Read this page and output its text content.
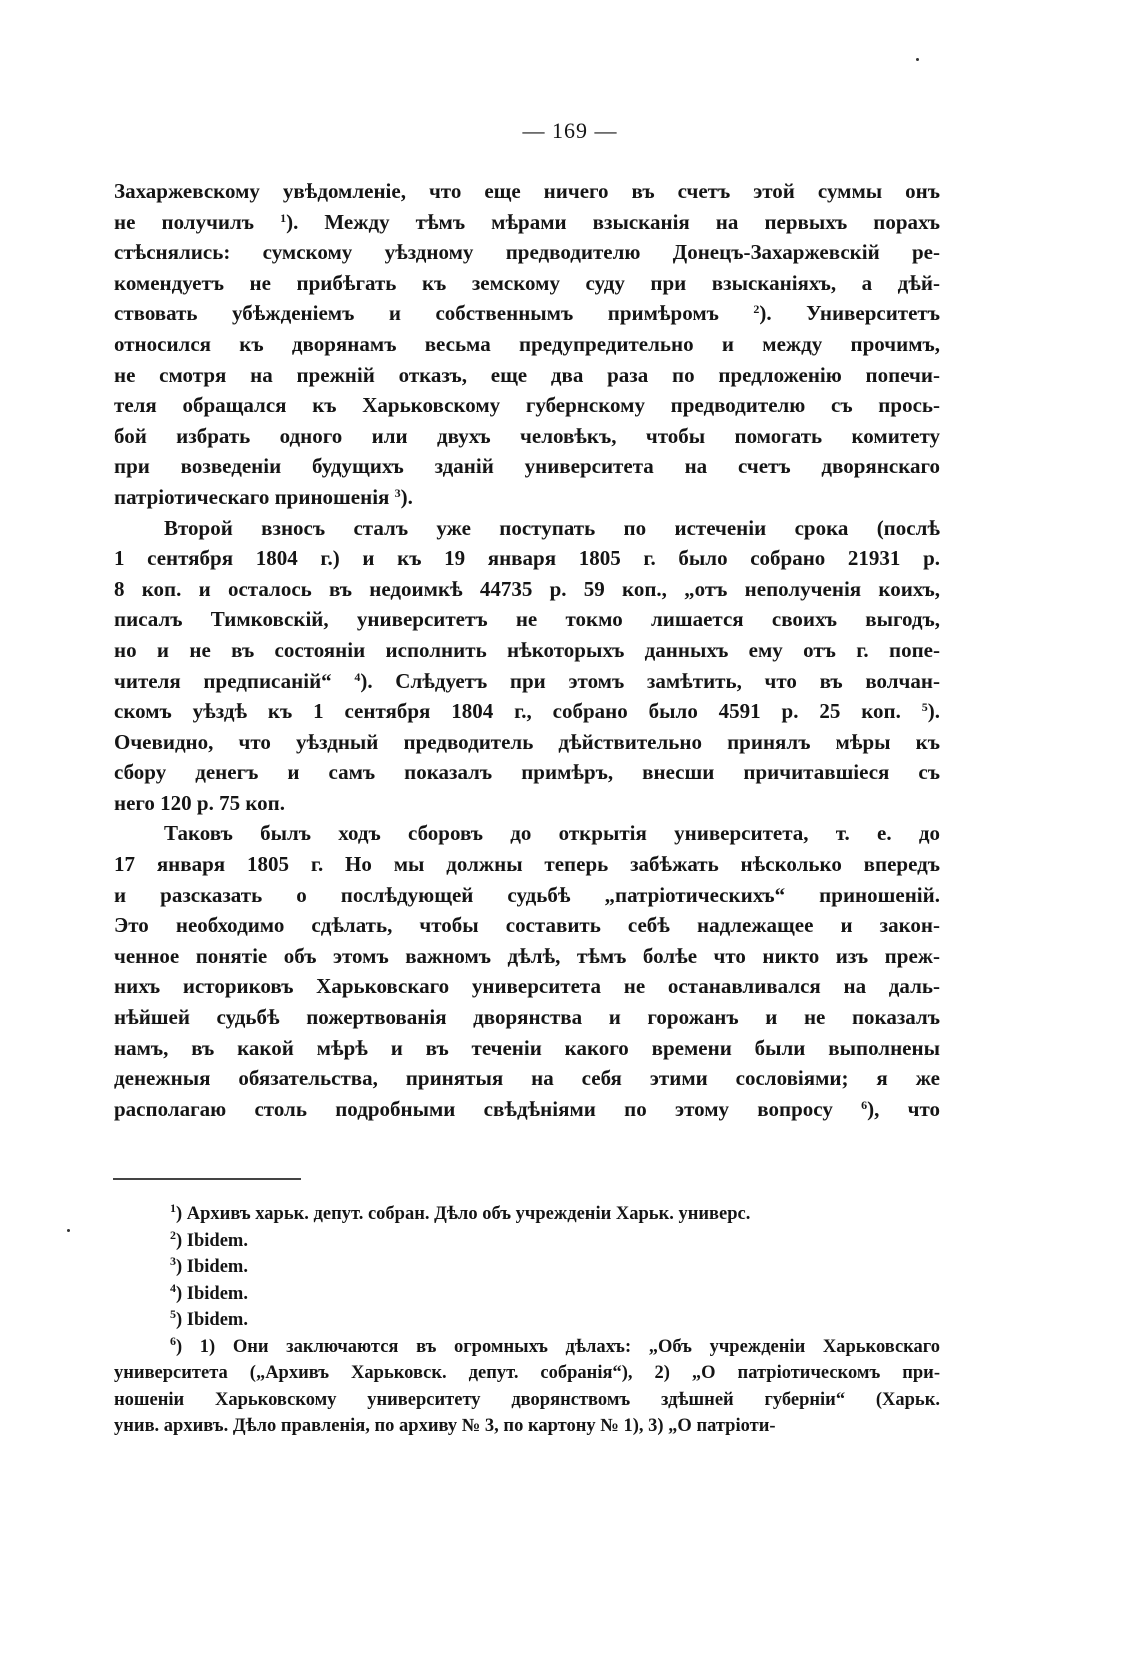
— 169 —
Захаржевскому увѣдомленіе, что еще ничего въ счетъ этой суммы онъ
не получилъ $^1$). Между тѣмъ мѣрами взысканія на первыхъ порахъ
стѣснялись: сумскому уѣздному предводителю Донецъ-Захаржевскій ре-
комендуетъ не прибѣгать къ земскому суду при взысканіяхъ, а дѣй-
ствовать убѣжденіемъ и собственнымъ примѣромъ $^2$). Университетъ
относился къ дворянамъ весьма предупредительно и между прочимъ,
не смотря на прежній отказъ, еще два раза по предложенію попечи-
теля обращался къ Харьковскому губернскому предводителю съ прось-
бой избрать одного или двухъ человѣкъ, чтобы помогать комитету
при возведеніи будущихъ зданій университета на счетъ дворянскаго
патріотическаго приношенія $^3$).
Второй взносъ сталъ уже поступать по истеченіи срока (послѣ
1 сентября 1804 г.) и къ 19 января 1805 г. было собрано 21931 р.
8 коп. и осталось въ недоимкѣ 44735 р. 59 коп., „отъ неполученія коихъ,
писалъ Тимковскій, университетъ не токмо лишается своихъ выгодъ,
но и не въ состояніи исполнить нѣкоторыхъ данныхъ ему отъ г. попе-
чителя предписаній“ $^4$). Слѣдуетъ при этомъ замѣтить, что въ волчан-
скомъ уѣздѣ къ 1 сентября 1804 г., собрано было 4591 р. 25 коп. $^5$).
Очевидно, что уѣздный предводитель дѣйствительно принялъ мѣры къ
сбору денегъ и самъ показалъ примѣръ, внесши причитавшіеся съ
него 120 р. 75 коп.
Таковъ былъ ходъ сборовъ до открытія университета, т. е. до
17 января 1805 г. Но мы должны теперь забѣжать нѣсколько впередъ
и разсказать о послѣдующей судьбѣ „патріотическихъ“ приношеній.
Это необходимо сдѣлать, чтобы составить себѣ надлежащее и закон-
ченное понятіе объ этомъ важномъ дѣлѣ, тѣмъ болѣе что никто изъ преж-
нихъ историковъ Харьковскаго университета не останавливался на даль-
нѣйшей судьбѣ пожертвованія дворянства и горожанъ и не показалъ
намъ, въ какой мѣрѣ и въ теченіи какого времени были выполнены
денежныя обязательства, принятыя на себя этими сословіями; я же
располагаю столь подробными свѣдѣніями по этому вопросу $^6$), что
$^1$) Архивъ харьк. депут. собран. Дѣло объ учрежденіи Харьк. универс.
$^2$) Ibidem.
$^3$) Ibidem.
$^4$) Ibidem.
$^5$) Ibidem.
$^6$) 1) Они заключаются въ огромныхъ дѣлахъ: „Объ учрежденіи Харьковскаго
университета („Архивъ Харьковск. депут. собранія“), 2) „О патріотическомъ при-
ношеніи Харьковскому университету дворянствомъ здѣшней губерніи“ (Харьк.
унив. архивъ. Дѣло правленія, по архиву № 3, по картону № 1), 3) „О патріоти-
